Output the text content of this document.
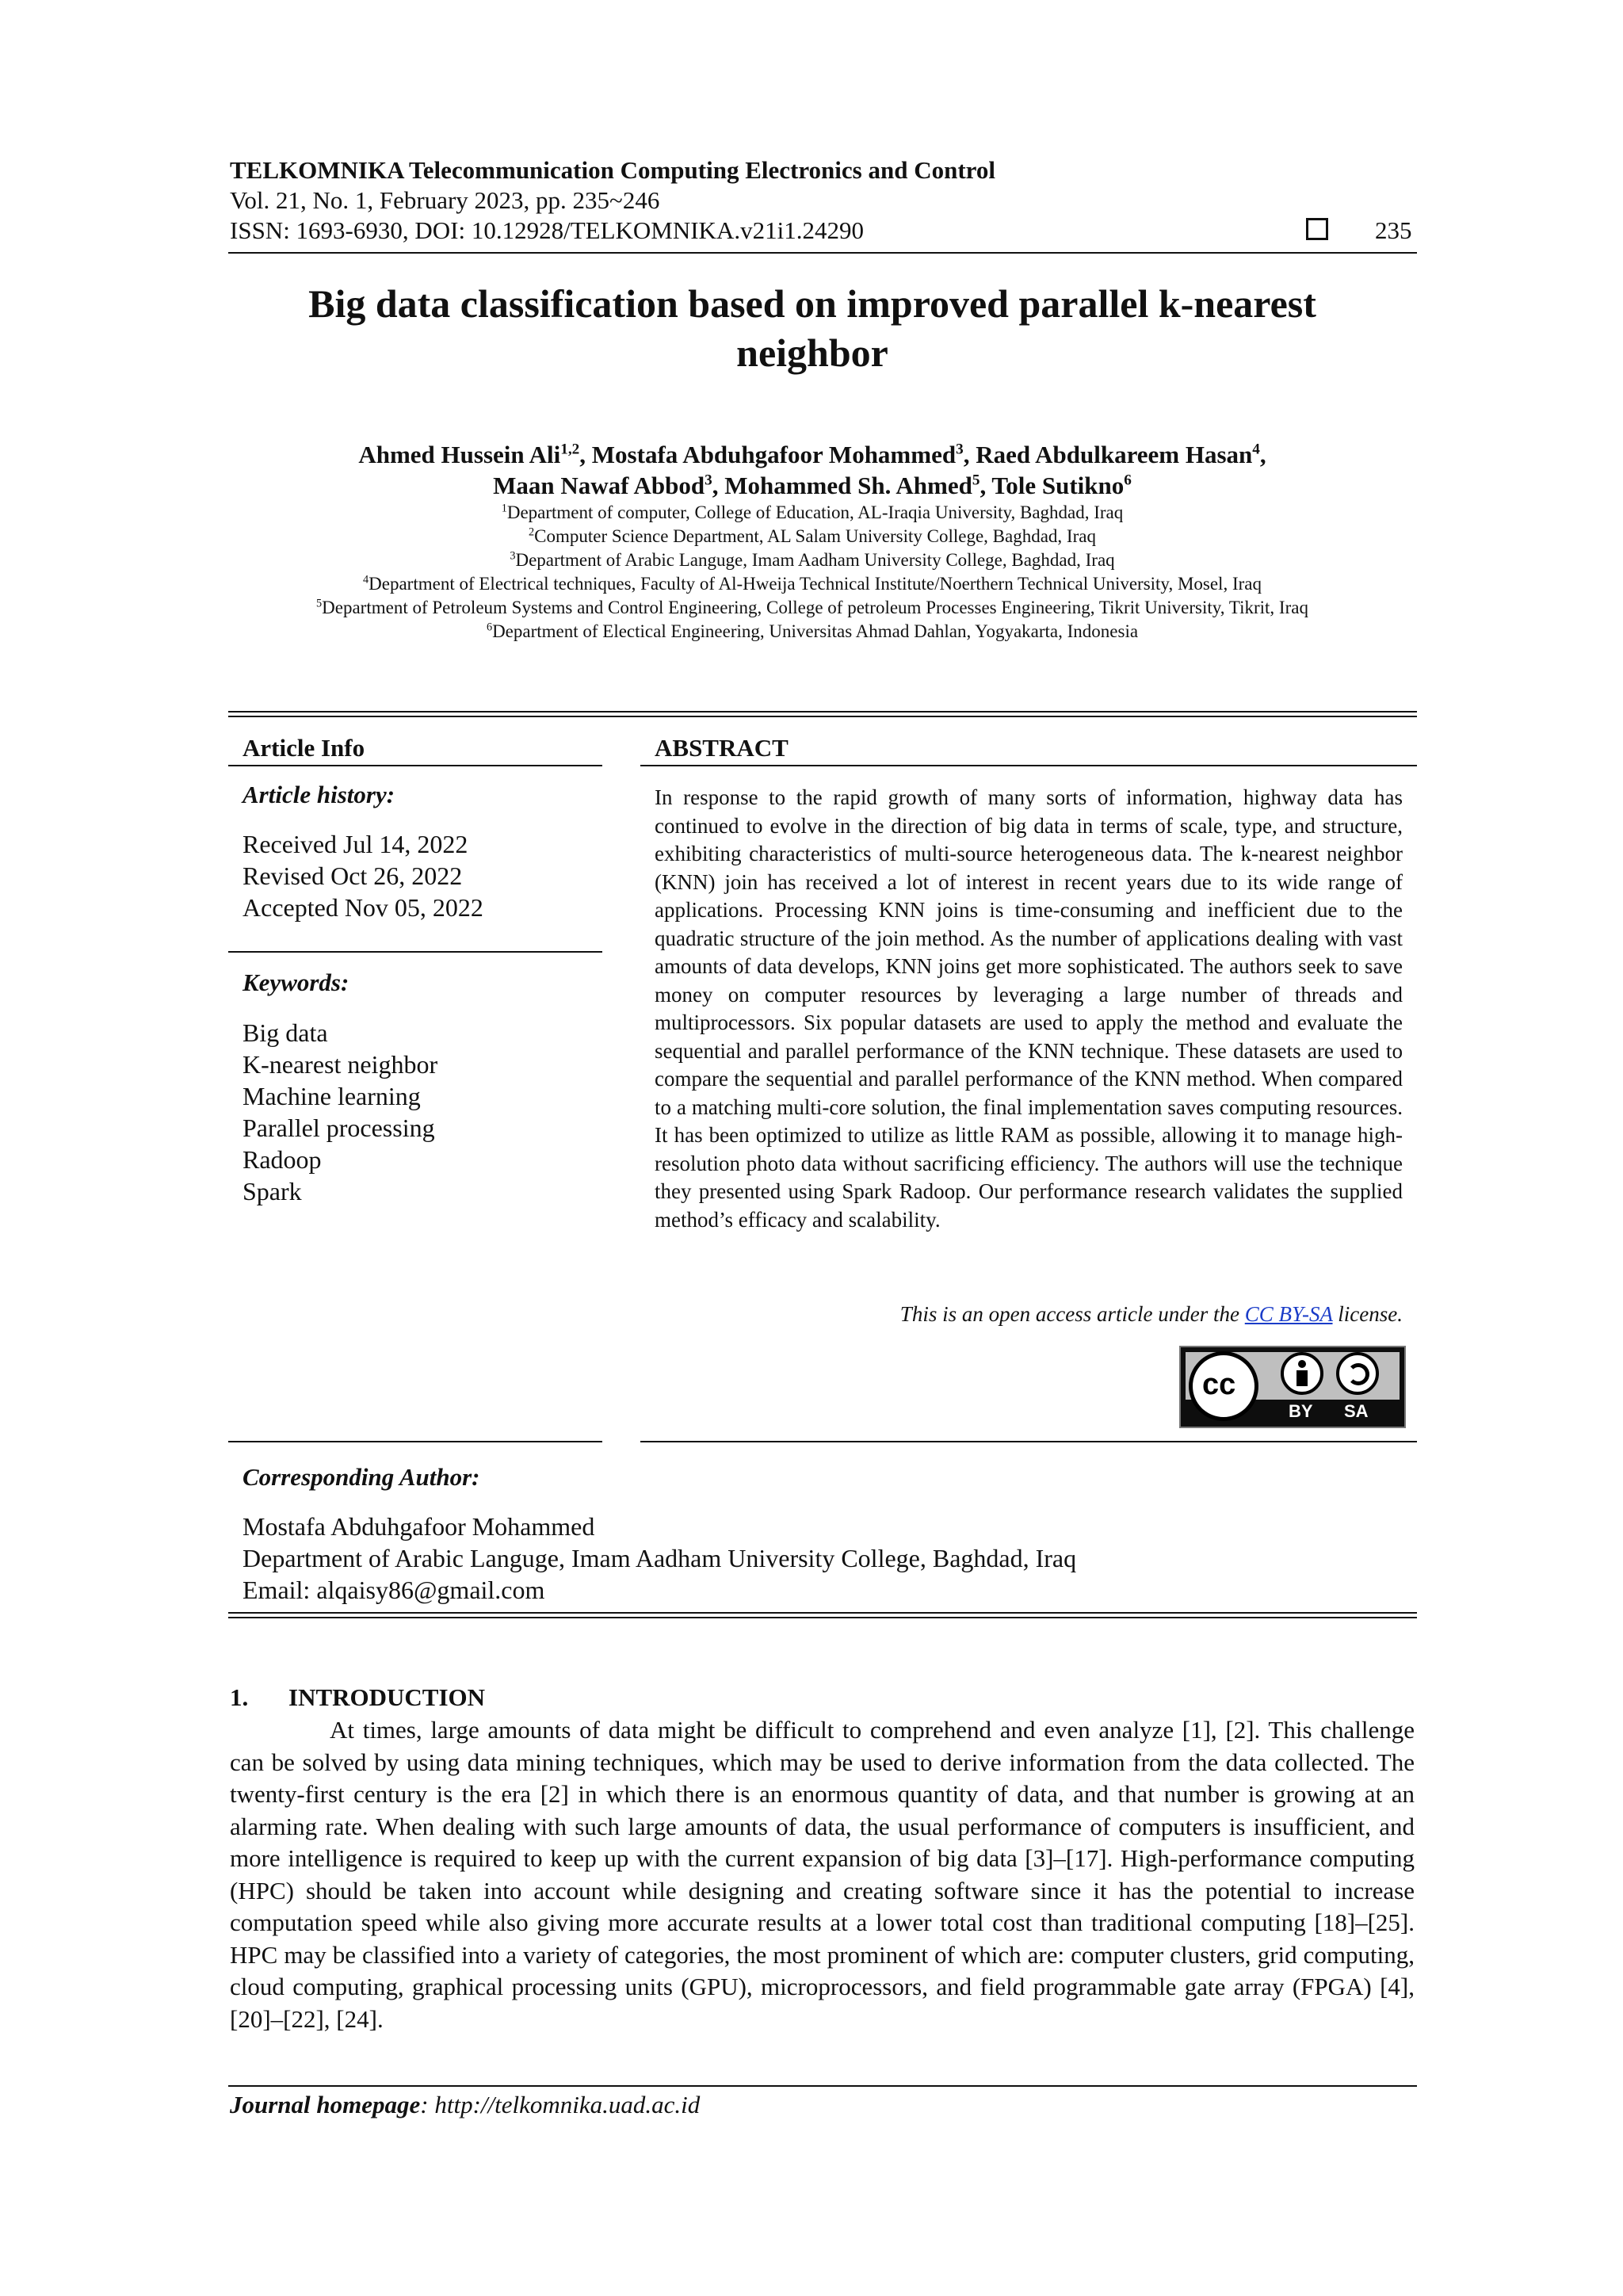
TELKOMNIKA Telecommunication Computing Electronics and Control
Vol. 21, No. 1, February 2023, pp. 235~246
ISSN: 1693-6930, DOI: 10.12928/TELKOMNIKA.v21i1.24290	235
Big data classification based on improved parallel k-nearest
neighbor
Ahmed Hussein Ali$^{1,2}$, Mostafa Abduhgafoor Mohammed$^3$, Raed Abdulkareem Hasan$^4$,
Maan Nawaf Abbod$^3$, Mohammed Sh. Ahmed$^5$, Tole Sutikno$^6$
$^1$Department of computer, College of Education, AL-Iraqia University, Baghdad, Iraq
$^2$Computer Science Department, AL Salam University College, Baghdad, Iraq
$^3$Department of Arabic Languge, Imam Aadham University College, Baghdad, Iraq
$^4$Department of Electrical techniques, Faculty of Al-Hweija Technical Institute/Noerthern Technical University, Mosel, Iraq
$^5$Department of Petroleum Systems and Control Engineering, College of petroleum Processes Engineering, Tikrit University, Tikrit, Iraq
$^6$Department of Electical Engineering, Universitas Ahmad Dahlan, Yogyakarta, Indonesia
Article Info
Article history:
Received Jul 14, 2022
Revised Oct 26, 2022
Accepted Nov 05, 2022
Keywords:
Big data
K-nearest neighbor
Machine learning
Parallel processing
Radoop
Spark
ABSTRACT
In response to the rapid growth of many sorts of information, highway data has continued to evolve in the direction of big data in terms of scale, type, and structure, exhibiting characteristics of multi-source heterogeneous data. The k-nearest neighbor (KNN) join has received a lot of interest in recent years due to its wide range of applications. Processing KNN joins is time-consuming and inefficient due to the quadratic structure of the join method. As the number of applications dealing with vast amounts of data develops, KNN joins get more sophisticated. The authors seek to save money on computer resources by leveraging a large number of threads and multiprocessors. Six popular datasets are used to apply the method and evaluate the sequential and parallel performance of the KNN technique. These datasets are used to compare the sequential and parallel performance of the KNN method. When compared to a matching multi-core solution, the final implementation saves computing resources. It has been optimized to utilize as little RAM as possible, allowing it to manage high-resolution photo data without sacrificing efficiency. The authors will use the technique they presented using Spark Radoop. Our performance research validates the supplied method’s efficacy and scalability.
This is an open access article under the CC BY-SA license.
cc
BY SA
Corresponding Author:
Mostafa Abduhgafoor Mohammed
Department of Arabic Languge, Imam Aadham University College, Baghdad, Iraq
Email: alqaisy86@gmail.com
1. INTRODUCTION
At times, large amounts of data might be difficult to comprehend and even analyze [1], [2]. This challenge can be solved by using data mining techniques, which may be used to derive information from the data collected. The twenty-first century is the era [2] in which there is an enormous quantity of data, and that number is growing at an alarming rate. When dealing with such large amounts of data, the usual performance of computers is insufficient, and more intelligence is required to keep up with the current expansion of big data [3]–[17]. High-performance computing (HPC) should be taken into account while designing and creating software since it has the potential to increase computation speed while also giving more accurate results at a lower total cost than traditional computing [18]–[25]. HPC may be classified into a variety of categories, the most prominent of which are: computer clusters, grid computing, cloud computing, graphical processing units (GPU), microprocessors, and field programmable gate array (FPGA) [4], [20]–[22], [24].
Journal homepage: http://telkomnika.uad.ac.id
